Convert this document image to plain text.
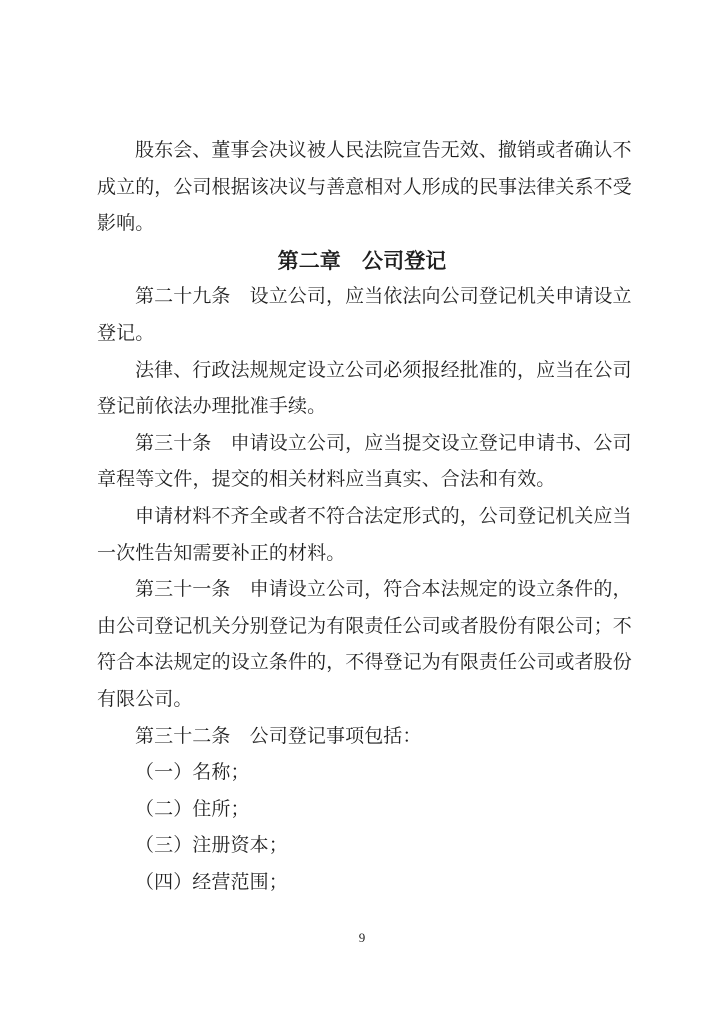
股东会、董事会决议被人民法院宣告无效、撤销或者确认不
成立的，公司根据该决议与善意相对人形成的民事法律关系不受
影响。
第二章　公司登记
第二十九条　设立公司，应当依法向公司登记机关申请设立
登记。
法律、行政法规规定设立公司必须报经批准的，应当在公司
登记前依法办理批准手续。
第三十条　申请设立公司，应当提交设立登记申请书、公司
章程等文件，提交的相关材料应当真实、合法和有效。
申请材料不齐全或者不符合法定形式的，公司登记机关应当
一次性告知需要补正的材料。
第三十一条　申请设立公司，符合本法规定的设立条件的，
由公司登记机关分别登记为有限责任公司或者股份有限公司；不
符合本法规定的设立条件的，不得登记为有限责任公司或者股份
有限公司。
第三十二条　公司登记事项包括：
（一）名称；
（二）住所；
（三）注册资本；
（四）经营范围；
9
